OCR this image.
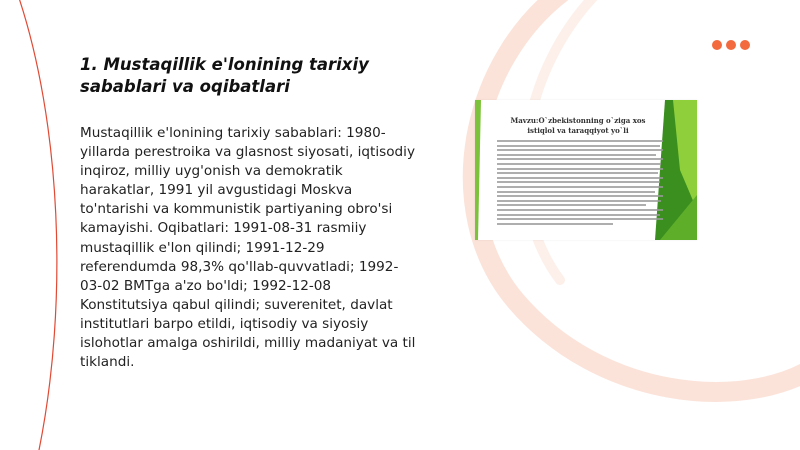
1. Mustaqillik e'lonining tarixiy sabablari va oqibatlari

Mustaqillik e'lonining tarixiy sabablari: 1980-yillarda perestroika va glasnost siyosati, iqtisodiy inqiroz, milliy uyg'onish va demokratik harakatlar, 1991 yil avgustidagi Moskva to'ntarishi va kommunistik partiyaning obro'si kamayishi. Oqibatlari: 1991-08-31 rasmiiy mustaqillik e'lon qilindi; 1991-12-29 referendumda 98,3% qo'llab-quvvatladi; 1992-03-02 BMTga a'zo bo'ldi; 1992-12-08 Konstitutsiya qabul qilindi; suverenitet, davlat institutlari barpo etildi, iqtisodiy va siyosiy islohotlar amalga oshirildi, milliy madaniyat va til tiklandi.

Mavzu:O`zbekistonning o`ziga xos istiqlol va taraqqiyot yo`li
